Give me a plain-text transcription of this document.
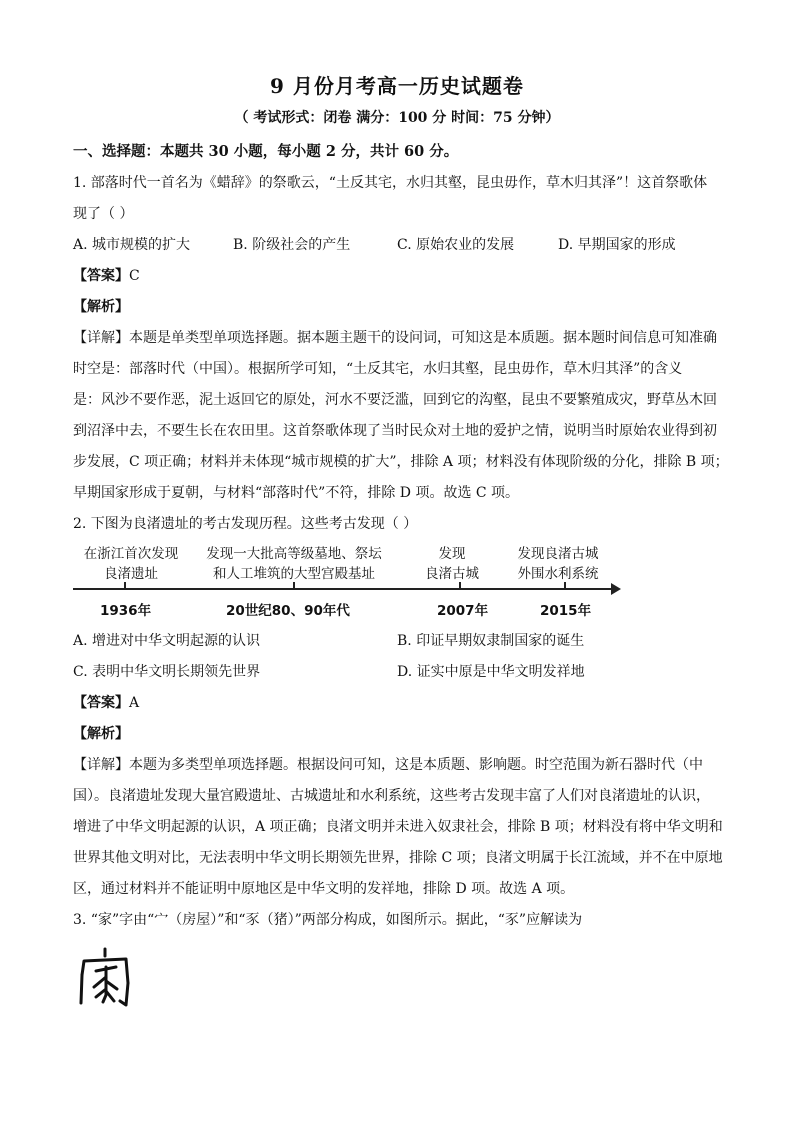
9 月份月考高一历史试题卷
（ 考试形式：闭卷 满分：100 分 时间：75 分钟）
一、选择题：本题共 30 小题，每小题 2 分，共计 60 分。
1. 部落时代一首名为《蜡辞》的祭歌云，“土反其宅，水归其壑，昆虫毋作，草木归其泽”！这首祭歌体
现了（ ）
A. 城市规模的扩大	B. 阶级社会的产生	C. 原始农业的发展	D. 早期国家的形成
【答案】C
【解析】
【详解】本题是单类型单项选择题。据本题主题干的设问词，可知这是本质题。据本题时间信息可知准确
时空是：部落时代（中国）。根据所学可知，“土反其宅，水归其壑，昆虫毋作，草木归其泽”的含义
是：风沙不要作恶，泥土返回它的原处，河水不要泛滥，回到它的沟壑，昆虫不要繁殖成灾，野草丛木回
到沼泽中去，不要生长在农田里。这首祭歌体现了当时民众对土地的爱护之情，说明当时原始农业得到初
步发展，C 项正确；材料并未体现“城市规模的扩大”，排除 A 项；材料没有体现阶级的分化，排除 B 项；
早期国家形成于夏朝，与材料“部落时代”不符，排除 D 项。故选 C 项。
2. 下图为良渚遗址的考古发现历程。这些考古发现（ ）
在浙江首次发现
良渚遗址
发现一大批高等级墓地、祭坛
和人工堆筑的大型宫殿基址
发现
良渚古城
发现良渚古城
外围水利系统
1936年	20世纪80、90年代	2007年	2015年
A. 增进对中华文明起源的认识	B. 印证早期奴隶制国家的诞生
C. 表明中华文明长期领先世界	D. 证实中原是中华文明发祥地
【答案】A
【解析】
【详解】本题为多类型单项选择题。根据设问可知，这是本质题、影响题。时空范围为新石器时代（中
国）。良渚遗址发现大量宫殿遗址、古城遗址和水利系统，这些考古发现丰富了人们对良渚遗址的认识，
增进了中华文明起源的认识，A 项正确；良渚文明并未进入奴隶社会，排除 B 项；材料没有将中华文明和
世界其他文明对比，无法表明中华文明长期领先世界，排除 C 项；良渚文明属于长江流域，并不在中原地
区，通过材料并不能证明中原地区是中华文明的发祥地，排除 D 项。故选 A 项。
3. “家”字由“宀（房屋）”和“豕（猪）”两部分构成，如图所示。据此，“豕”应解读为
